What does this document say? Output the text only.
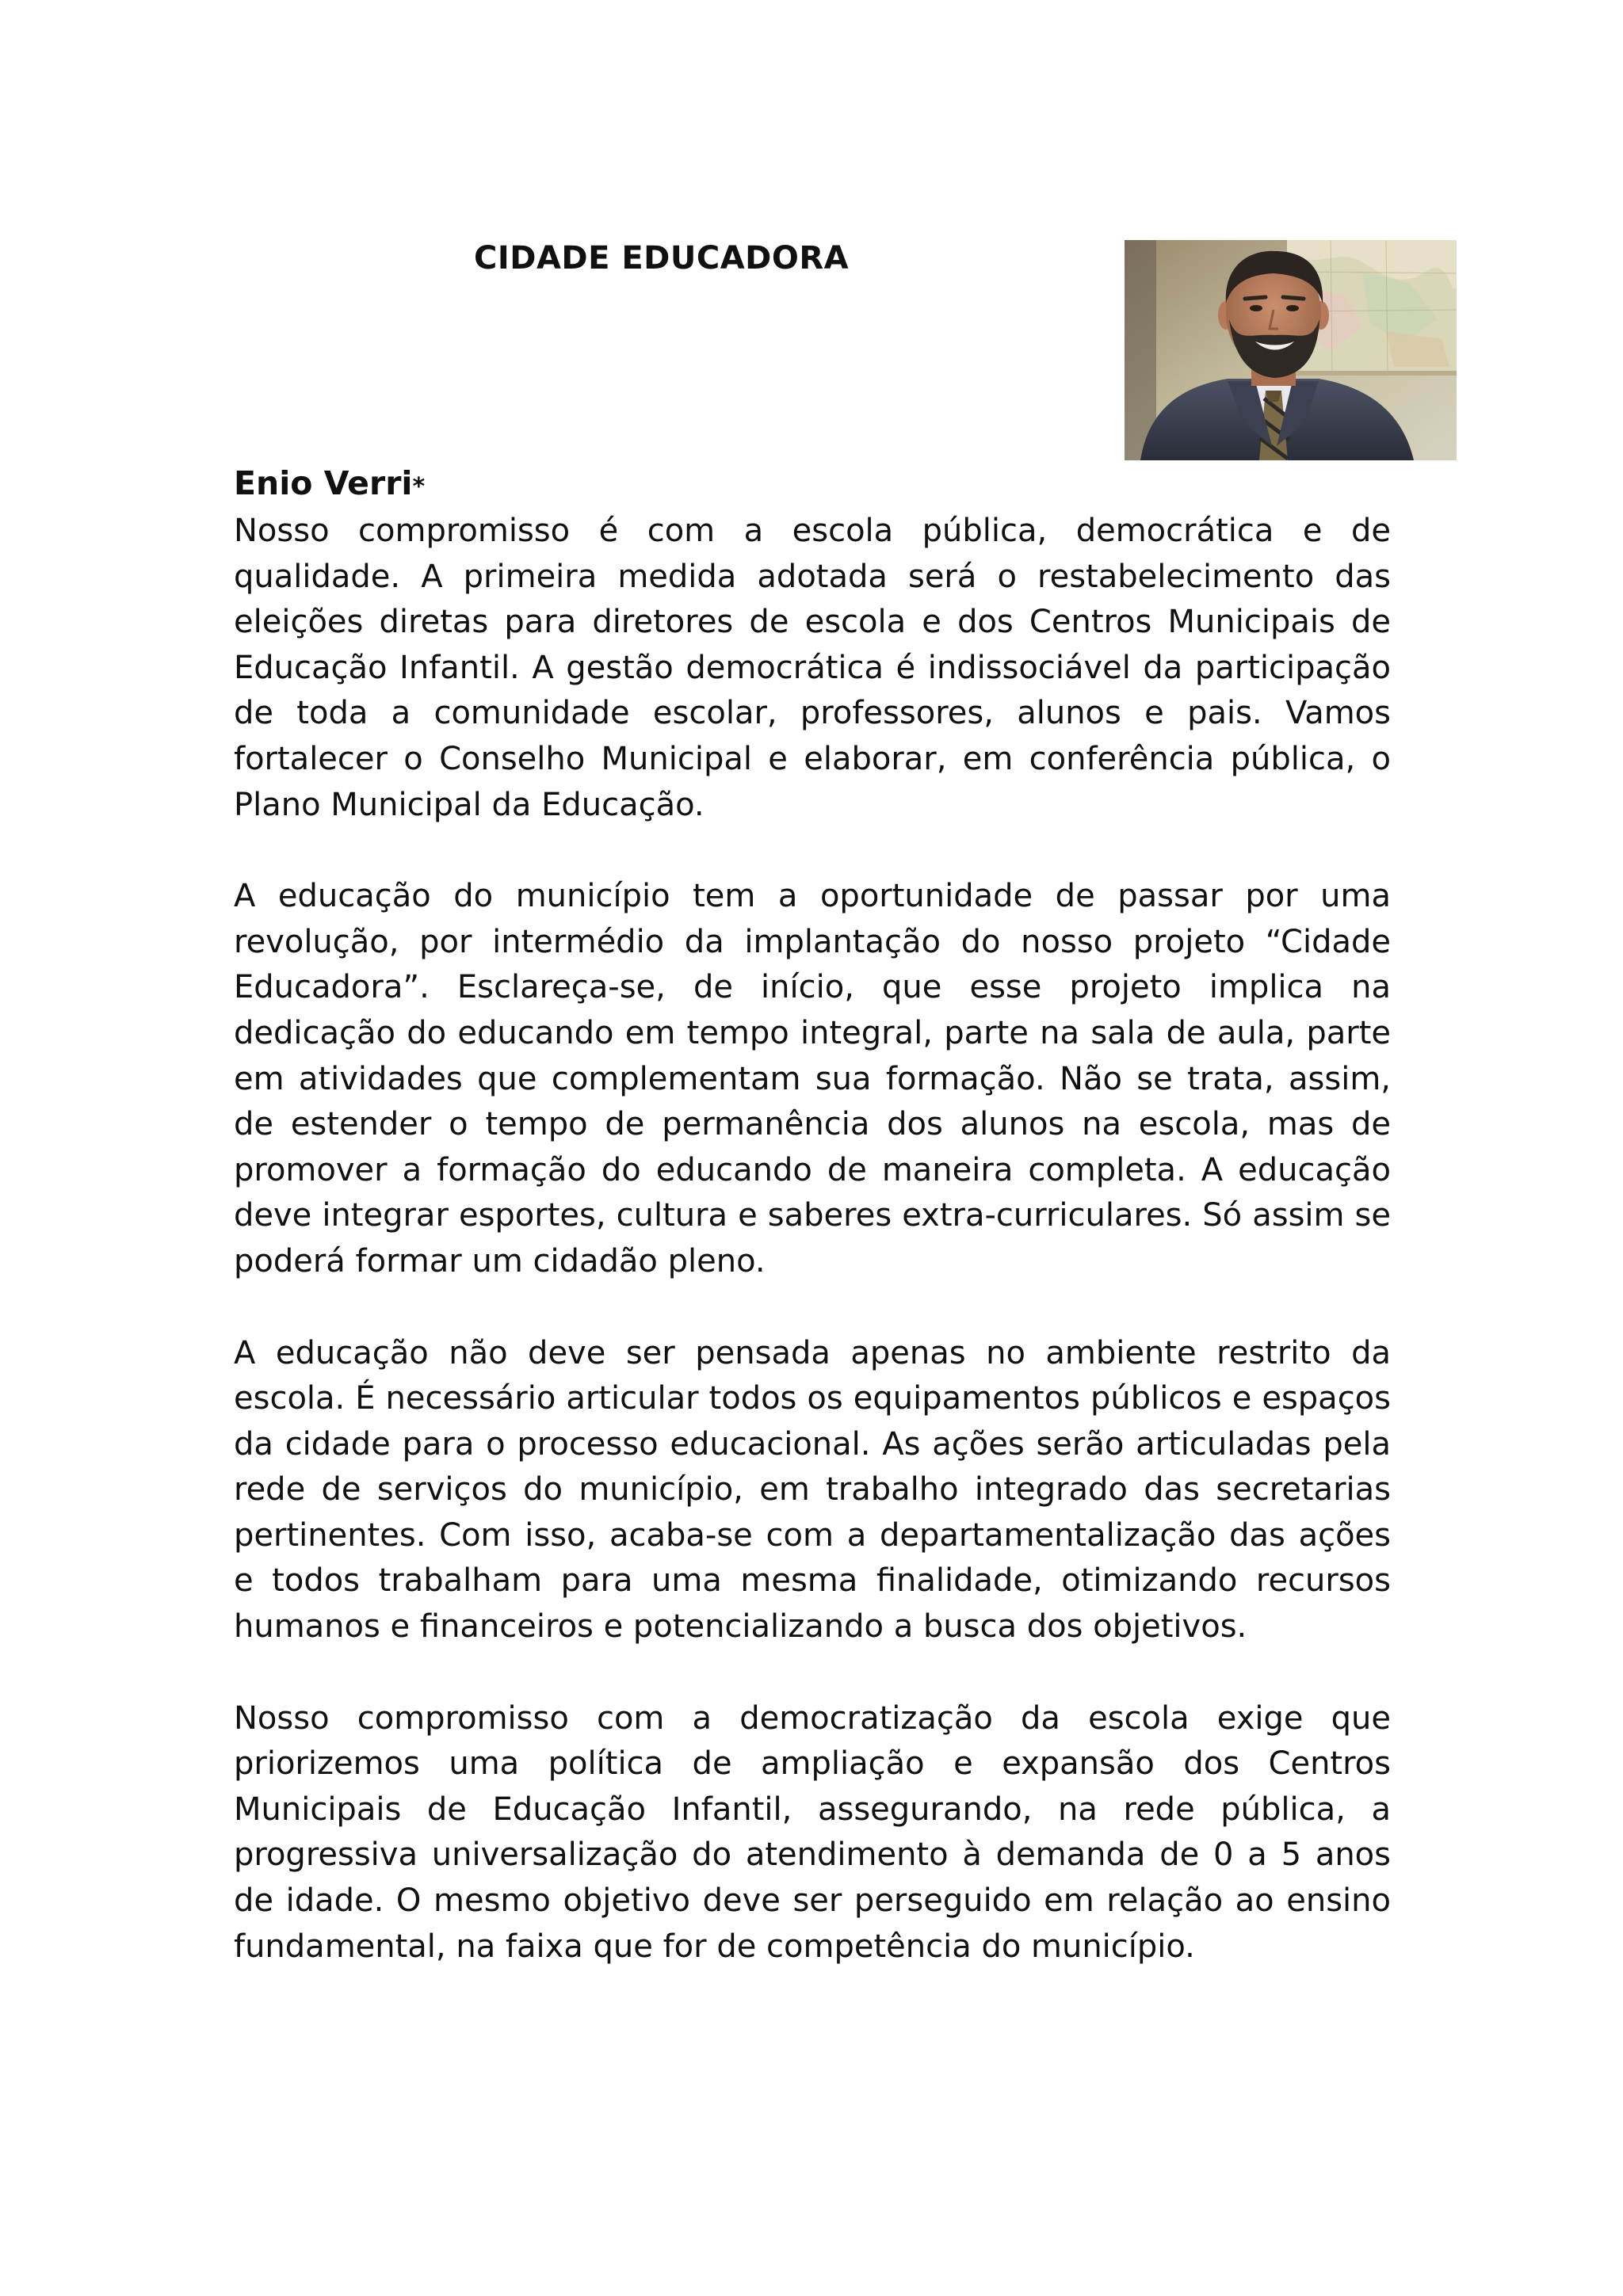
CIDADE EDUCADORA

Enio Verri*

Nosso compromisso é com a escola pública, democrática e de qualidade. A primeira medida adotada será o restabelecimento das eleições diretas para diretores de escola e dos Centros Municipais de Educação Infantil. A gestão democrática é indissociável da participação de toda a comunidade escolar, professores, alunos e pais. Vamos fortalecer o Conselho Municipal e elaborar, em conferência pública, o Plano Municipal da Educação.

A educação do município tem a oportunidade de passar por uma revolução, por intermédio da implantação do nosso projeto “Cidade Educadora”. Esclareça-se, de início, que esse projeto implica na dedicação do educando em tempo integral, parte na sala de aula, parte em atividades que complementam sua formação. Não se trata, assim, de estender o tempo de permanência dos alunos na escola, mas de promover a formação do educando de maneira completa. A educação deve integrar esportes, cultura e saberes extra-curriculares. Só assim se poderá formar um cidadão pleno.

A educação não deve ser pensada apenas no ambiente restrito da escola. É necessário articular todos os equipamentos públicos e espaços da cidade para o processo educacional. As ações serão articuladas pela rede de serviços do município, em trabalho integrado das secretarias pertinentes. Com isso, acaba-se com a departamentalização das ações e todos trabalham para uma mesma finalidade, otimizando recursos humanos e financeiros e potencializando a busca dos objetivos.

Nosso compromisso com a democratização da escola exige que priorizemos uma política de ampliação e expansão dos Centros Municipais de Educação Infantil, assegurando, na rede pública, a progressiva universalização do atendimento à demanda de 0 a 5 anos de idade. O mesmo objetivo deve ser perseguido em relação ao ensino fundamental, na faixa que for de competência do município.
